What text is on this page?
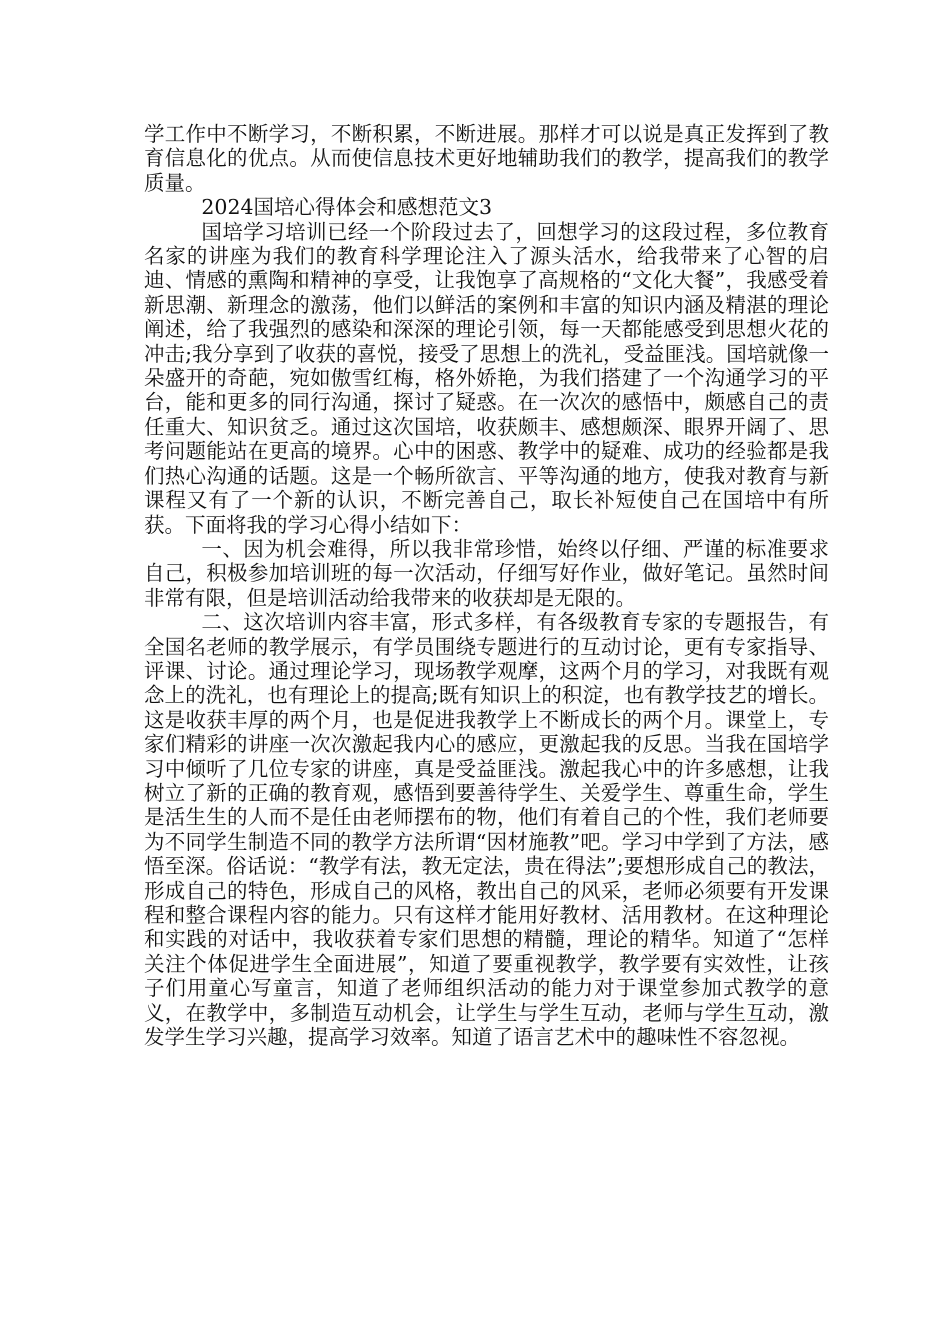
学工作中不断学习，不断积累，不断进展。那样才可以说是真正发挥到了教育信息化的优点。从而使信息技术更好地辅助我们的教学，提高我们的教学质量。

2024国培心得体会和感想范文3

国培学习培训已经一个阶段过去了，回想学习的这段过程，多位教育名家的讲座为我们的教育科学理论注入了源头活水，给我带来了心智的启迪、情感的熏陶和精神的享受，让我饱享了高规格的“文化大餐”，我感受着新思潮、新理念的激荡，他们以鲜活的案例和丰富的知识内涵及精湛的理论阐述，给了我强烈的感染和深深的理论引领，每一天都能感受到思想火花的冲击;我分享到了收获的喜悦，接受了思想上的洗礼，受益匪浅。国培就像一朵盛开的奇葩，宛如傲雪红梅，格外娇艳，为我们搭建了一个沟通学习的平台，能和更多的同行沟通，探讨了疑惑。在一次次的感悟中，颇感自己的责任重大、知识贫乏。通过这次国培，收获颇丰、感想颇深、眼界开阔了、思考问题能站在更高的境界。心中的困惑、教学中的疑难、成功的经验都是我们热心沟通的话题。这是一个畅所欲言、平等沟通的地方，使我对教育与新课程又有了一个新的认识，不断完善自己，取长补短使自己在国培中有所获。下面将我的学习心得小结如下：

一、因为机会难得，所以我非常珍惜，始终以仔细、严谨的标准要求自己，积极参加培训班的每一次活动，仔细写好作业，做好笔记。虽然时间非常有限，但是培训活动给我带来的收获却是无限的。

二、这次培训内容丰富，形式多样，有各级教育专家的专题报告，有全国名老师的教学展示，有学员围绕专题进行的互动讨论，更有专家指导、评课、讨论。通过理论学习，现场教学观摩，这两个月的学习，对我既有观念上的洗礼，也有理论上的提高;既有知识上的积淀，也有教学技艺的增长。这是收获丰厚的两个月，也是促进我教学上不断成长的两个月。课堂上，专家们精彩的讲座一次次激起我内心的感应，更激起我的反思。当我在国培学习中倾听了几位专家的讲座，真是受益匪浅。激起我心中的许多感想，让我树立了新的正确的教育观，感悟到要善待学生、关爱学生、尊重生命，学生是活生生的人而不是任由老师摆布的物，他们有着自己的个性，我们老师要为不同学生制造不同的教学方法所谓“因材施教”吧。学习中学到了方法，感悟至深。俗话说：“教学有法，教无定法，贵在得法”;要想形成自己的教法，形成自己的特色，形成自己的风格，教出自己的风采，老师必须要有开发课程和整合课程内容的能力。只有这样才能用好教材、活用教材。在这种理论和实践的对话中，我收获着专家们思想的精髓，理论的精华。知道了“怎样关注个体促进学生全面进展”，知道了要重视教学，教学要有实效性，让孩子们用童心写童言，知道了老师组织活动的能力对于课堂参加式教学的意义，在教学中，多制造互动机会，让学生与学生互动，老师与学生互动，激发学生学习兴趣，提高学习效率。知道了语言艺术中的趣味性不容忽视。
